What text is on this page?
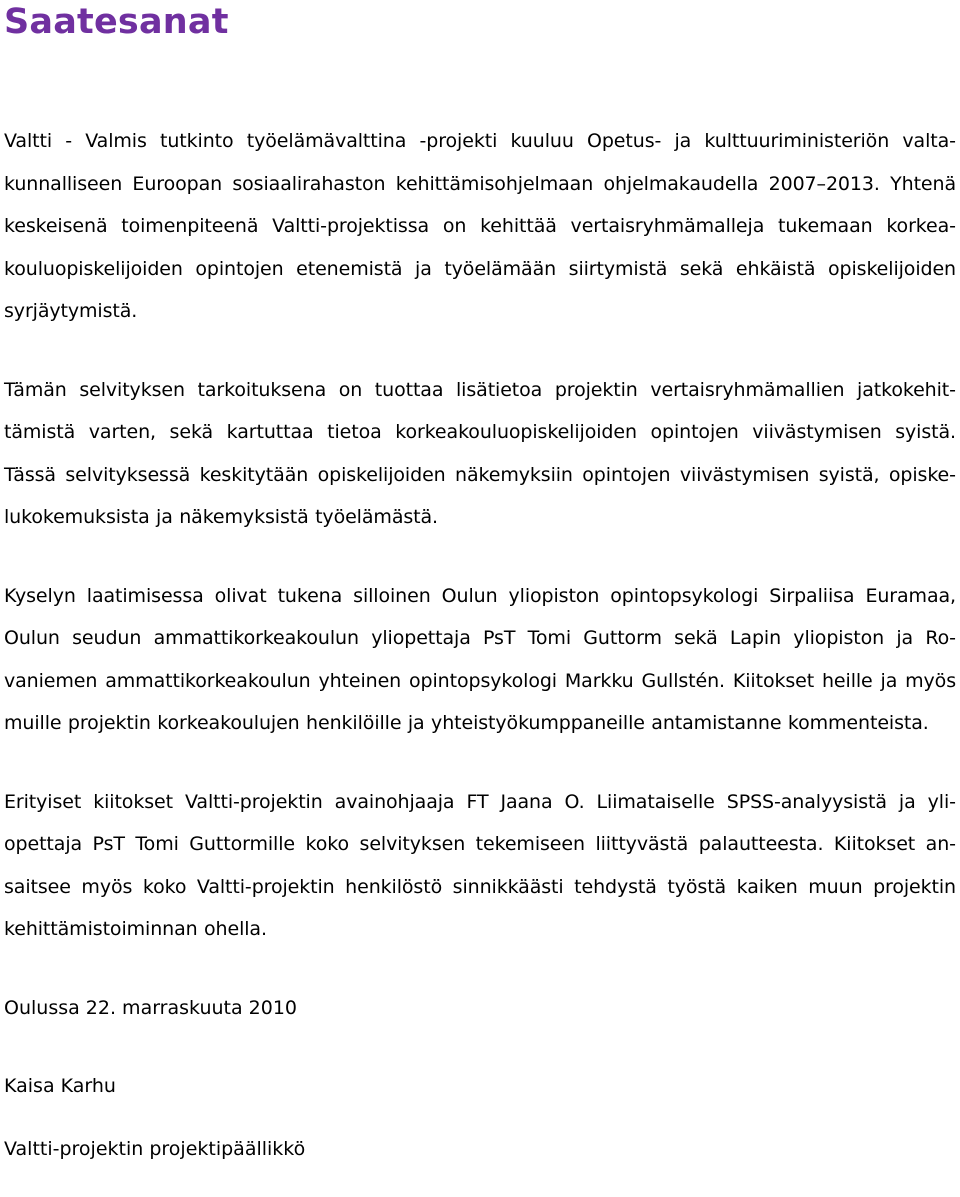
Saatesanat

Valtti - Valmis tutkinto työelämävalttina -projekti kuuluu Opetus- ja kulttuuriministeriön valtakunnalliseen Euroopan sosiaalirahaston kehittämisohjelmaan ohjelmakaudella 2007–2013. Yhtenä keskeisenä toimenpiteenä Valtti-projektissa on kehittää vertaisryhmämalleja tukemaan korkeakouluopiskelijoiden opintojen etenemistä ja työelämään siirtymistä sekä ehkäistä opiskelijoiden syrjäytymistä.

Tämän selvityksen tarkoituksena on tuottaa lisätietoa projektin vertaisryhmämallien jatkokehittämistä varten, sekä kartuttaa tietoa korkeakouluopiskelijoiden opintojen viivästymisen syistä. Tässä selvityksessä keskitytään opiskelijoiden näkemyksiin opintojen viivästymisen syistä, opiskelukokemuksista ja näkemyksistä työelämästä.

Kyselyn laatimisessa olivat tukena silloinen Oulun yliopiston opintopsykologi Sirpaliisa Euramaa, Oulun seudun ammattikorkeakoulun yliopettaja PsT Tomi Guttorm sekä Lapin yliopiston ja Rovaniemen ammattikorkeakoulun yhteinen opintopsykologi Markku Gullstén. Kiitokset heille ja myös muille projektin korkeakoulujen henkilöille ja yhteistyökumppaneille antamistanne kommenteista.

Erityiset kiitokset Valtti-projektin avainohjaaja FT Jaana O. Liimataiselle SPSS-analyysistä ja yliopettaja PsT Tomi Guttormille koko selvityksen tekemiseen liittyvästä palautteesta. Kiitokset ansaitsee myös koko Valtti-projektin henkilöstö sinnikkäästi tehdystä työstä kaiken muun projektin kehittämistoiminnan ohella.

Oulussa 22. marraskuuta 2010

Kaisa Karhu

Valtti-projektin projektipäällikkö
